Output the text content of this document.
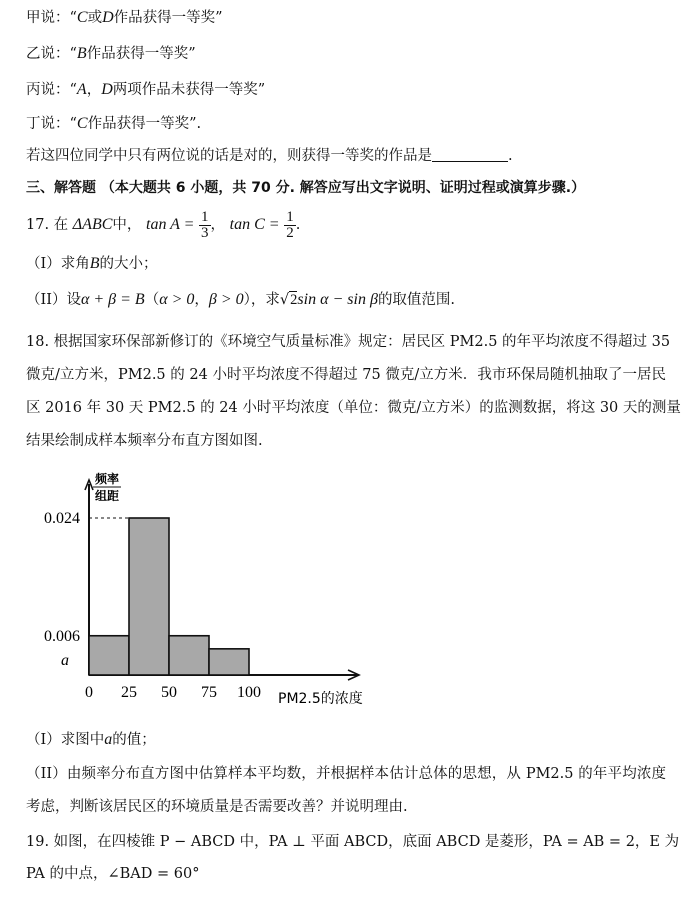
甲说：“C或D作品获得一等奖”
乙说：“B作品获得一等奖”
丙说：“A，D两项作品未获得一等奖”
丁说：“C作品获得一等奖”.
若这四位同学中只有两位说的话是对的，则获得一等奖的作品是	.
三、解答题 （本大题共 6 小题，共 70 分. 解答应写出文字说明、证明过程或演算步骤.）
17. 在 ΔABC中， $\tan A = \frac{1}{3}$ ， $\tan C = \frac{1}{2}$ .
（I）求角B的大小；
（II）设α + β = B（α > 0，β > 0），求√2sin α − sin β的取值范围.
18. 根据国家环保部新修订的《环境空气质量标准》规定：居民区 PM2.5 的年平均浓度不得超过 35
微克/立方米，PM2.5 的 24 小时平均浓度不得超过 75 微克/立方米．我市环保局随机抽取了一居民
区 2016 年 30 天 PM2.5 的 24 小时平均浓度（单位：微克/立方米）的监测数据，将这 30 天的测量
结果绘制成样本频率分布直方图如图.
频率
组距
0.024
0.006
a
0 25 50 75 100 PM2.5的浓度
（I）求图中a的值；
（II）由频率分布直方图中估算样本平均数，并根据样本估计总体的思想，从 PM2.5 的年平均浓度
考虑，判断该居民区的环境质量是否需要改善？并说明理由.
19. 如图，在四棱锥 P − ABCD 中，PA ⊥ 平面 ABCD，底面 ABCD 是菱形，PA = AB = 2，E 为
PA 的中点，∠BAD = 60°
